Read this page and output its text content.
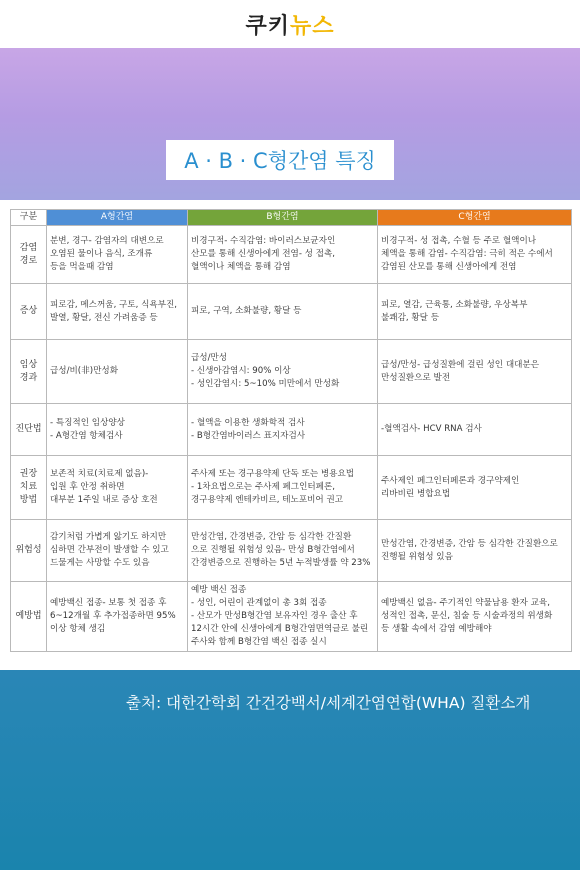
쿠키뉴스
A · B · C형간염 특징
구분	A형간염	B형간염	C형간염

감염
경로	분변, 경구- 감염자의 대변으로
오염된 물이나 음식, 조개류
등을 먹을때 감염	비경구적- 수직감염: 바이러스보균자인
산모를 통해 신생아에게 전염- 성 접촉,
혈액이나 체액을 통해 감염	비경구적- 성 접촉, 수혈 등 주로 혈액이나
체액을 통해 감염- 수직감염: 극히 적은 수에서
감염된 산모를 통해 신생아에게 전염

증상	피로감, 메스꺼움, 구토, 식욕부진,
발열, 황달, 전신 가려움증 등	피로, 구역, 소화불량, 황달 등	피로, 열감, 근육통, 소화불량, 우상복부
불쾌감, 황달 등

임상
경과	급성/비(非)만성화	급성/만성
- 신생아감염시: 90% 이상
- 성인감염시: 5~10% 미만에서 만성화	급성/만성- 급성질환에 걸린 성인 대대분은
만성질환으로 발전

진단법	- 특징적인 임상양상
- A형간염 항체검사	- 혈액을 이용한 생화학적 검사
- B형간염바이러스 표지자검사	-혈액검사- HCV RNA 검사

권장
치료
방법	보존적 치료(치료제 없음)-
입원 후 안정 취하면
대부분 1주일 내로 증상 호전	주사제 또는 경구용약제 단독 또는 병용요법
- 1차요법으로는 주사제 페그인터페론,
경구용약제 엔테카비르, 테노포비어 권고	주사제인 페그인터페론과 경구약제인
리바비린 병합요법

위험성	감기처럼 가볍게 앓기도 하지만
심하면 간부전이 발생할 수 있고
드물게는 사망할 수도 있음	만성간염, 간경변증, 간암 등 심각한 간질환
으로 진행될 위험성 있음- 만성 B형간염에서
간경변증으로 진행하는 5년 누적발생률 약 23%	만성간염, 간경변증, 간암 등 심각한 간질환으로
진행될 위험성 있음

예방법	예방백신 접종- 보통 첫 접종 후
6~12개월 후 추가접종하면 95%
이상 항체 생김	예방 백신 접종
- 성인, 어린이 관계없이 총 3회 접종
- 산모가 만성B형간염 보유자인 경우 출산 후
12시간 안에 신생아에게 B형간염면역글로 불린
주사와 함께 B형간염 백신 접종 실시	예방백신 없음- 주기적인 약물남용 환자 교육,
성적인 접촉, 문신, 침술 등 시술과정의 위생화
등 생활 속에서 감염 예방해야
출처: 대한간학회 간건강백서/세계간염연합(WHA) 질환소개
